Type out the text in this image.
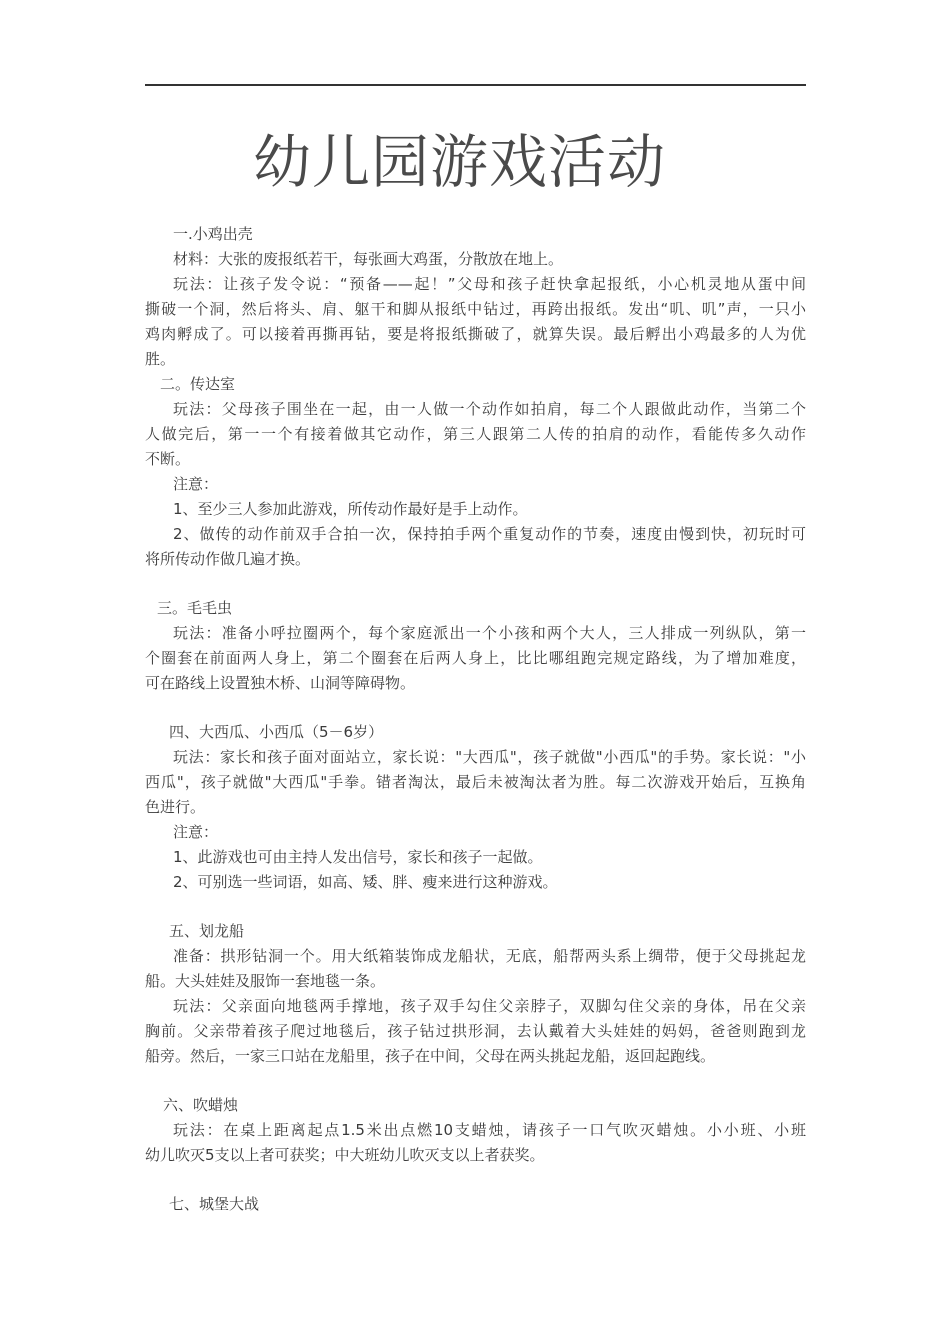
幼儿园游戏活动
一.小鸡出壳
材料：大张的废报纸若干，每张画大鸡蛋，分散放在地上。
玩法：让孩子发令说：“预备——起！”父母和孩子赶快拿起报纸，小心机灵地从蛋中间
撕破一个洞，然后将头、肩、躯干和脚从报纸中钻过，再跨出报纸。发出“叽、叽”声，一只小
鸡肉孵成了。可以接着再撕再钻，要是将报纸撕破了，就算失误。最后孵出小鸡最多的人为优
胜。
二。传达室
玩法：父母孩子围坐在一起，由一人做一个动作如拍肩，每二个人跟做此动作，当第二个
人做完后，第一一个有接着做其它动作，第三人跟第二人传的拍肩的动作，看能传多久动作
不断。
注意：
1、至少三人参加此游戏，所传动作最好是手上动作。
2、做传的动作前双手合拍一次，保持拍手两个重复动作的节奏，速度由慢到快，初玩时可
将所传动作做几遍才换。
三。毛毛虫
玩法：准备小呼拉圈两个，每个家庭派出一个小孩和两个大人，三人排成一列纵队，第一
个圈套在前面两人身上，第二个圈套在后两人身上，比比哪组跑完规定路线，为了增加难度，
可在路线上设置独木桥、山洞等障碍物。
四、大西瓜、小西瓜（5－6岁）
玩法：家长和孩子面对面站立，家长说："大西瓜"，孩子就做"小西瓜"的手势。家长说："小
西瓜"，孩子就做"大西瓜"手拳。错者淘汰，最后未被淘汰者为胜。每二次游戏开始后，互换角
色进行。
注意：
1、此游戏也可由主持人发出信号，家长和孩子一起做。
2、可别选一些词语，如高、矮、胖、瘦来进行这种游戏。
五、划龙船
准备：拱形钻洞一个。用大纸箱装饰成龙船状，无底，船帮两头系上绸带，便于父母挑起龙
船。大头娃娃及服饰一套地毯一条。
玩法：父亲面向地毯两手撑地，孩子双手勾住父亲脖子，双脚勾住父亲的身体，吊在父亲
胸前。父亲带着孩子爬过地毯后，孩子钻过拱形洞，去认戴着大头娃娃的妈妈，爸爸则跑到龙
船旁。然后，一家三口站在龙船里，孩子在中间，父母在两头挑起龙船，返回起跑线。
六、吹蜡烛
玩法：在桌上距离起点1.5米出点燃10支蜡烛，请孩子一口气吹灭蜡烛。小小班、小班
幼儿吹灭5支以上者可获奖；中大班幼儿吹灭支以上者获奖。
七、城堡大战
